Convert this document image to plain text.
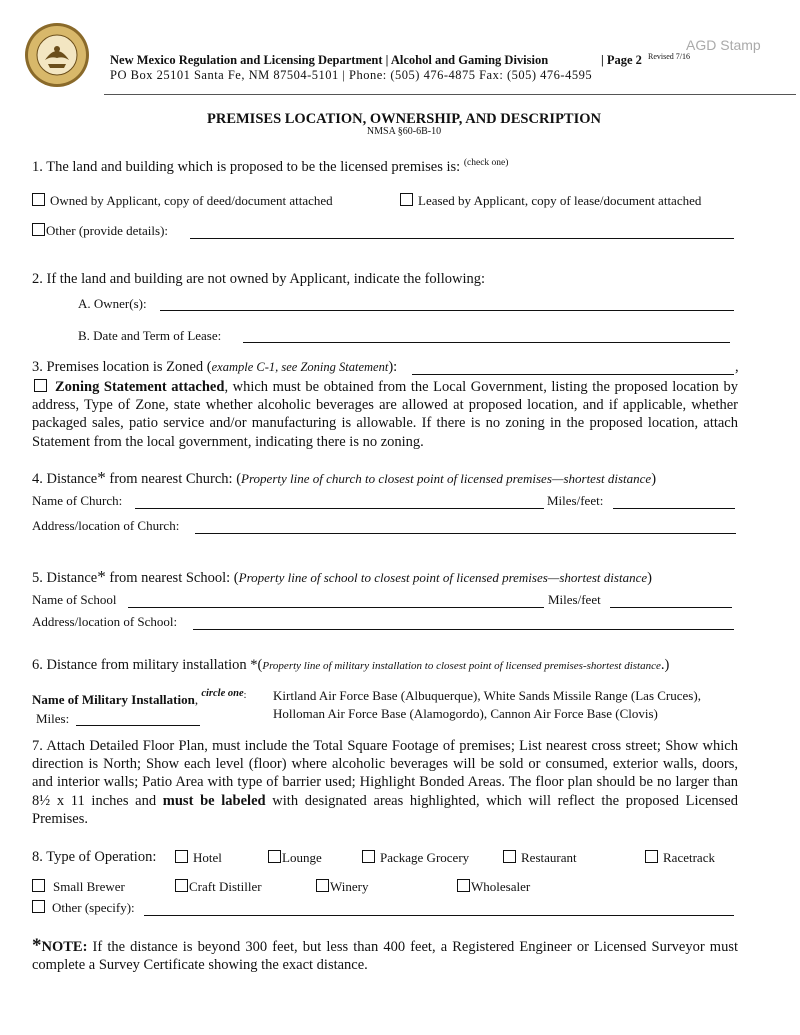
New Mexico Regulation and Licensing Department | Alcohol and Gaming Division	| Page 2 Revised 7/16
PO Box 25101 Santa Fe, NM 87504-5101 | Phone: (505) 476-4875 Fax: (505) 476-4595
AGD Stamp
PREMISES LOCATION, OWNERSHIP, AND DESCRIPTION
NMSA §60-6B-10
1. The land and building which is proposed to be the licensed premises is: $^{(check one)}$
Owned by Applicant, copy of deed/document attached	Leased by Applicant, copy of lease/document attached
Other (provide details):
2. If the land and building are not owned by Applicant, indicate the following:
A. Owner(s):
B. Date and Term of Lease:
3. Premises location is Zoned (example C-1, see Zoning Statement):	,
Zoning Statement attached, which must be obtained from the Local Government, listing the proposed location by address, Type of Zone, state whether alcoholic beverages are allowed at proposed location, and if applicable, whether packaged sales, patio service and/or manufacturing is allowable. If there is no zoning in the proposed location, attach Statement from the local government, indicating there is no zoning.
4. Distance* from nearest Church: (Property line of church to closest point of licensed premises—shortest distance)
Name of Church:	Miles/feet:
Address/location of Church:
5. Distance* from nearest School: (Property line of school to closest point of licensed premises—shortest distance)
Name of School	Miles/feet
Address/location of School:
6. Distance from military installation *(Property line of military installation to closest point of licensed premises-shortest distance.)
Name of Military Installation, $^{circle one:}$ Kirtland Air Force Base (Albuquerque), White Sands Missile Range (Las Cruces),
Holloman Air Force Base (Alamogordo), Cannon Air Force Base (Clovis)
Miles:
7. Attach Detailed Floor Plan, must include the Total Square Footage of premises; List nearest cross street; Show which direction is North; Show each level (floor) where alcoholic beverages will be sold or consumed, exterior walls, doors, and interior walls; Patio Area with type of barrier used; Highlight Bonded Areas. The floor plan should be no larger than 8½ x 11 inches and must be labeled with designated areas highlighted, which will reflect the proposed Licensed Premises.
8. Type of Operation:	Hotel	Lounge	Package Grocery	Restaurant	Racetrack
Small Brewer	Craft Distiller	Winery	Wholesaler
Other (specify):
*NOTE: If the distance is beyond 300 feet, but less than 400 feet, a Registered Engineer or Licensed Surveyor must complete a Survey Certificate showing the exact distance.
